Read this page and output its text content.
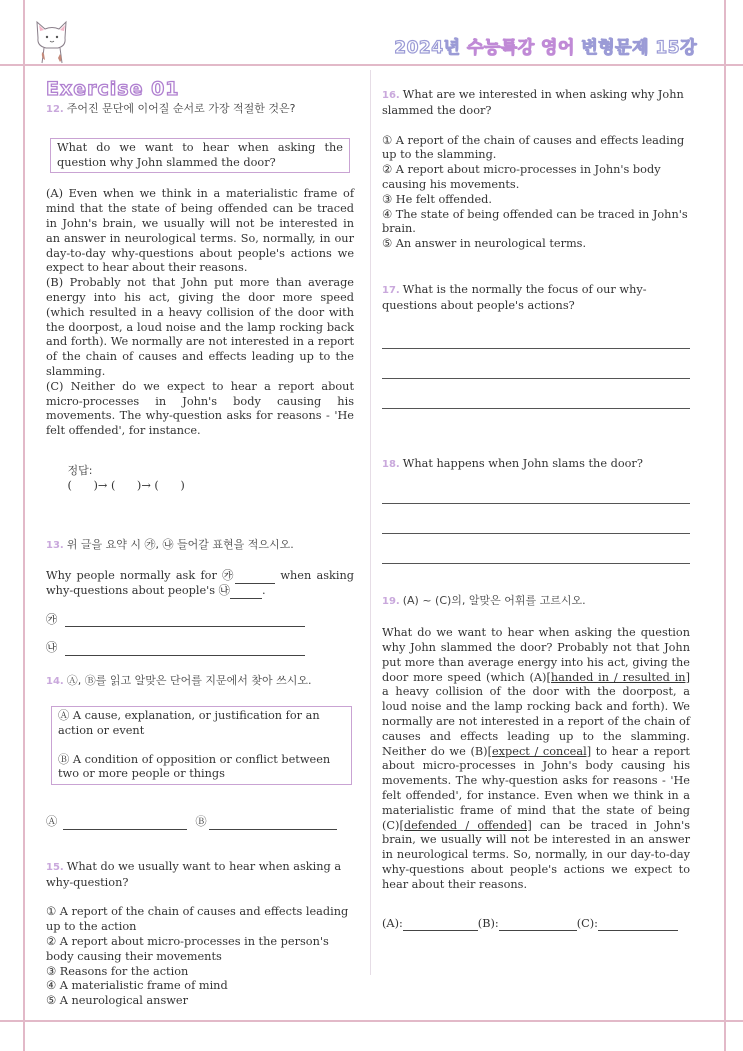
2024년 수능특강 영어 변형문제 15강
Exercise 01

12. 주어진 문단에 이어질 순서로 가장 적절한 것은?

What do we want to hear when asking the question why John slammed the door?

(A) Even when we think in a materialistic frame of mind that the state of being offended can be traced in John's brain, we usually will not be interested in an answer in neurological terms. So, normally, in our day-to-day why-questions about people's actions we expect to hear about their reasons.

(B) Probably not that John put more than average energy into his act, giving the door more speed (which resulted in a heavy collision of the door with the doorpost, a loud noise and the lamp rocking back and forth). We normally are not interested in a report of the chain of causes and effects leading up to the slamming.

(C) Neither do we expect to hear a report about micro-processes in John's body causing his movements. The why-question asks for reasons - 'He felt offended', for instance.

정답:
(      )→ (      )→ (      )

13. 위 글을 요약 시 ㉮, ㉯ 들어갈 표현을 적으시오.

Why people normally ask for ㉮	when asking why-questions about people's ㉯	.

㉮
㉯

14. Ⓐ, Ⓑ를 읽고 알맞은 단어를 지문에서 찾아 쓰시오.

Ⓐ A cause, explanation, or justification for an action or event

Ⓑ A condition of opposition or conflict between two or more people or things

Ⓐ	Ⓑ

15. What do we usually want to hear when asking a why-question?

① A report of the chain of causes and effects leading up to the action

② A report about micro-processes in the person's body causing their movements

③ Reasons for the action

④ A materialistic frame of mind

⑤ A neurological answer

16. What are we interested in when asking why John slammed the door?

① A report of the chain of causes and effects leading up to the slamming.

② A report about micro-processes in John's body causing his movements.

③ He felt offended.

④ The state of being offended can be traced in John's brain.

⑤ An answer in neurological terms.

17. What is the normally the focus of our why-questions about people's actions?

18. What happens when John slams the door?

19. (A) ~ (C)의, 알맞은 어휘를 고르시오.

What do we want to hear when asking the question why John slammed the door? Probably not that John put more than average energy into his act, giving the door more speed (which (A)[handed in / resulted in] a heavy collision of the door with the doorpost, a loud noise and the lamp rocking back and forth). We normally are not interested in a report of the chain of causes and effects leading up to the slamming. Neither do we (B)[expect / conceal] to hear a report about micro-processes in John's body causing his movements. The why-question asks for reasons - 'He felt offended', for instance. Even when we think in a materialistic frame of mind that the state of being (C)[defended / offended] can be traced in John's brain, we usually will not be interested in an answer in neurological terms. So, normally, in our day-to-day why-questions about people's actions we expect to hear about their reasons.

(A):	(B):	(C):
